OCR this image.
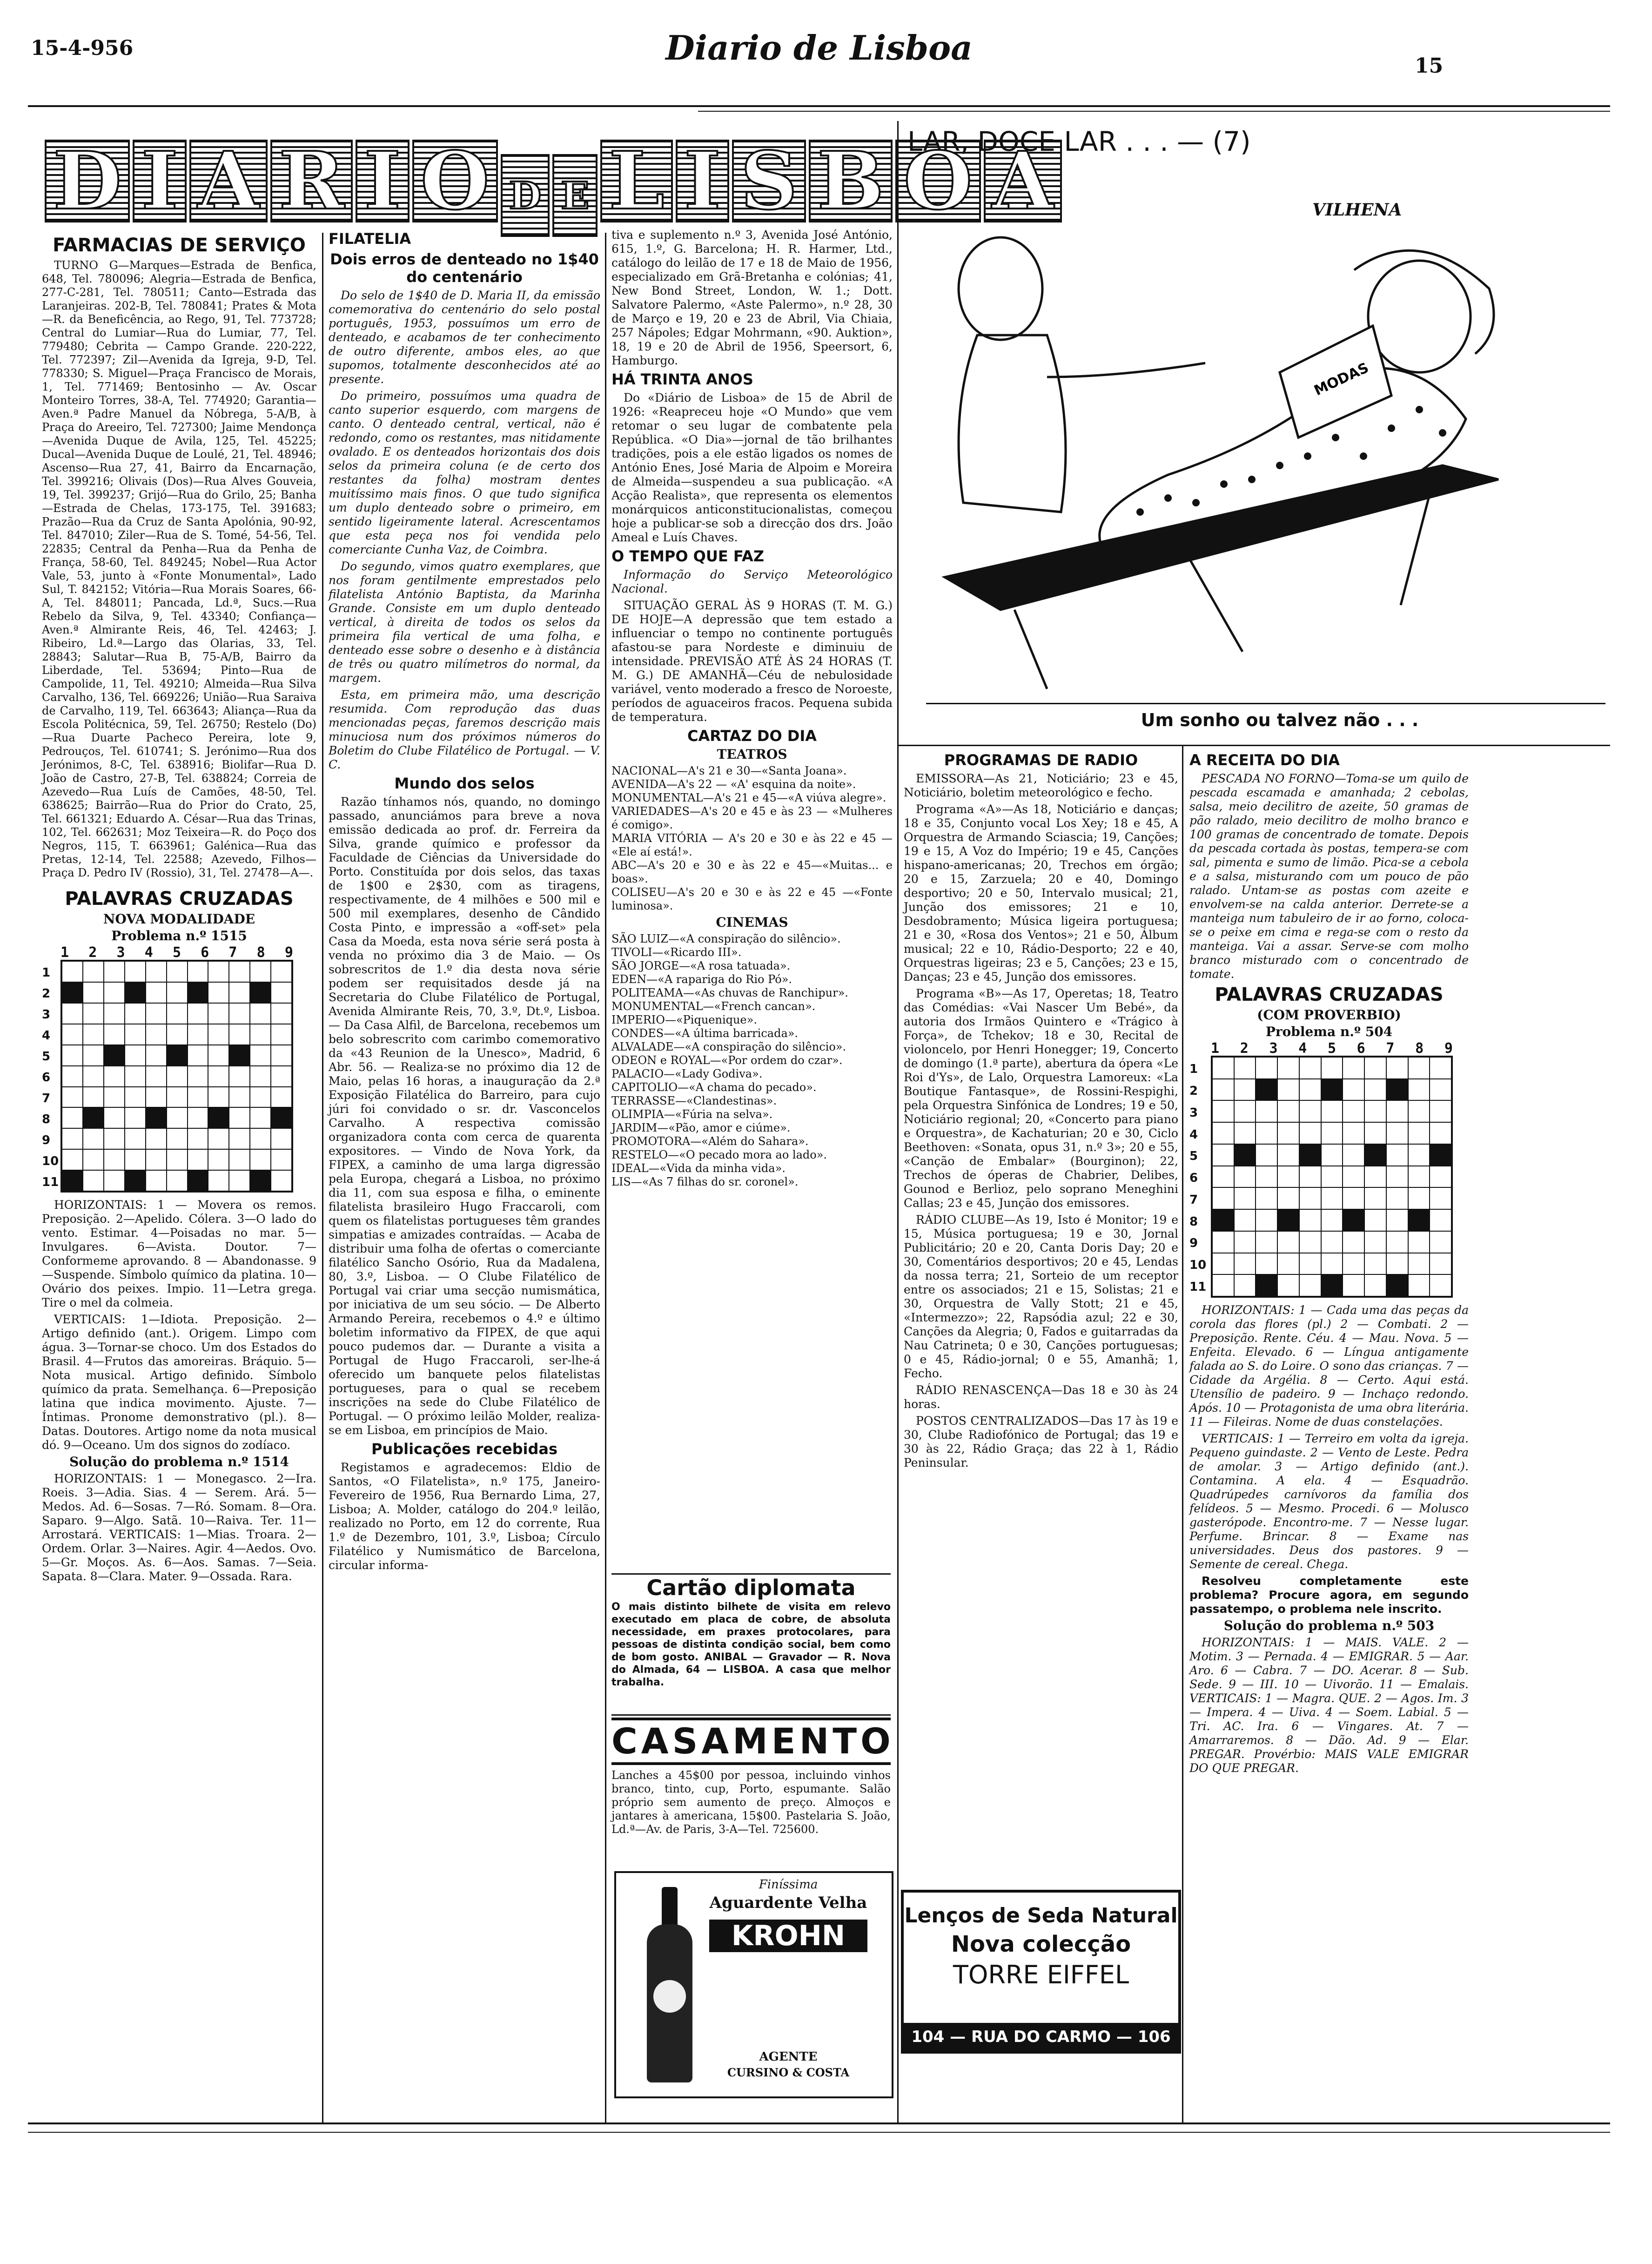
15-4-956	Diario de Lisboa	15
D I A R I O D E L I S B O A
FARMACIAS DE SERVIÇO

TURNO G—Marques—Estrada de Benfica, 648, Tel. 780096; Alegria—Estrada de Benfica, 277-C-281, Tel. 780511; Canto—Estrada das Laranjeiras. 202-B, Tel. 780841; Prates & Mota—R. da Beneficência, ao Rego, 91, Tel. 773728; Central do Lumiar—Rua do Lumiar, 77, Tel. 779480; Cebrita — Campo Grande. 220-222, Tel. 772397; Zil—Avenida da Igreja, 9-D, Tel. 778330; S. Miguel—Praça Francisco de Morais, 1, Tel. 771469; Bentosinho — Av. Oscar Monteiro Torres, 38-A, Tel. 774920; Garantia—Aven.ª Padre Manuel da Nóbrega, 5-A/B, à Praça do Areeiro, Tel. 727300; Jaime Mendonça—Avenida Duque de Avila, 125, Tel. 45225; Ducal—Avenida Duque de Loulé, 21, Tel. 48946; Ascenso—Rua 27, 41, Bairro da Encarnação, Tel. 399216; Olivais (Dos)—Rua Alves Gouveia, 19, Tel. 399237; Grijó—Rua do Grilo, 25; Banha—Estrada de Chelas, 173-175, Tel. 391683; Prazão—Rua da Cruz de Santa Apolónia, 90-92, Tel. 847010; Ziler—Rua de S. Tomé, 54-56, Tel. 22835; Central da Penha—Rua da Penha de França, 58-60, Tel. 849245; Nobel—Rua Actor Vale, 53, junto à «Fonte Monumental», Lado Sul, T. 842152; Vitória—Rua Morais Soares, 66-A, Tel. 848011; Pancada, Ld.ª, Sucs.—Rua Rebelo da Silva, 9, Tel. 43340; Confiança—Aven.ª Almirante Reis, 46, Tel. 42463; J. Ribeiro, Ld.ª—Largo das Olarias, 33, Tel. 28843; Salutar—Rua B, 75-A/B, Bairro da Liberdade, Tel. 53694; Pinto—Rua de Campolide, 11, Tel. 49210; Almeida—Rua Silva Carvalho, 136, Tel. 669226; União—Rua Saraiva de Carvalho, 119, Tel. 663643; Aliança—Rua da Escola Politécnica, 59, Tel. 26750; Restelo (Do)—Rua Duarte Pacheco Pereira, lote 9, Pedrouços, Tel. 610741; S. Jerónimo—Rua dos Jerónimos, 8-C, Tel. 638916; Biolifar—Rua D. João de Castro, 27-B, Tel. 638824; Correia de Azevedo—Rua Luís de Camões, 48-50, Tel. 638625; Bairrão—Rua do Prior do Crato, 25, Tel. 661321; Eduardo A. César—Rua das Trinas, 102, Tel. 662631; Moz Teixeira—R. do Poço dos Negros, 115, T. 663961; Galénica—Rua das Pretas, 12-14, Tel. 22588; Azevedo, Filhos—Praça D. Pedro IV (Rossio), 31, Tel. 27478—A—.

PALAVRAS CRUZADAS
NOVA MODALIDADE
Problema n.º 1515
1
2
3
4
5
6
7
8
9
10
11
1 2 3 4 5 6 7 8 9

HORIZONTAIS: 1 — Movera os remos. Preposição. 2—Apelido. Cólera. 3—O lado do vento. Estimar. 4—Poisadas no mar. 5—Invulgares. 6—Avista. Doutor. 7—Conformeme aprovando. 8 — Abandonasse. 9—Suspende. Símbolo químico da platina. 10—Ovário dos peixes. Impio. 11—Letra grega. Tire o mel da colmeia.

VERTICAIS: 1—Idiota. Preposição. 2—Artigo definido (ant.). Origem. Limpo com água. 3—Tornar-se choco. Um dos Estados do Brasil. 4—Frutos das amoreiras. Bráquio. 5—Nota musical. Artigo definido. Símbolo químico da prata. Semelhança. 6—Preposição latina que indica movimento. Ajuste. 7—Íntimas. Pronome demonstrativo (pl.). 8—Datas. Doutores. Artigo nome da nota musical dó. 9—Oceano. Um dos signos do zodíaco.

Solução do problema n.º 1514

HORIZONTAIS: 1 — Monegasco. 2—Ira. Roeis. 3—Adia. Sias. 4 — Serem. Ará. 5—Medos. Ad. 6—Sosas. 7—Ró. Somam. 8—Ora. Saparo. 9—Algo. Satã. 10—Raiva. Ter. 11—Arrostará. VERTICAIS: 1—Mias. Troara. 2—Ordem. Orlar. 3—Naires. Agir. 4—Aedos. Ovo. 5—Gr. Moços. As. 6—Aos. Samas. 7—Seia. Sapata. 8—Clara. Mater. 9—Ossada. Rara.

FILATELIA
Dois erros de denteado no 1$40 do centenário

Do selo de 1$40 de D. Maria II, da emissão comemorativa do centenário do selo postal português, 1953, possuímos um erro de denteado, e acabamos de ter conhecimento de outro diferente, ambos eles, ao que supomos, totalmente desconhecidos até ao presente.

Do primeiro, possuímos uma quadra de canto superior esquerdo, com margens de canto. O denteado central, vertical, não é redondo, como os restantes, mas nitidamente ovalado. E os denteados horizontais dos dois selos da primeira coluna (e de certo dos restantes da folha) mostram dentes muitíssimo mais finos. O que tudo significa um duplo denteado sobre o primeiro, em sentido ligeiramente lateral. Acrescentamos que esta peça nos foi vendida pelo comerciante Cunha Vaz, de Coimbra.

Do segundo, vimos quatro exemplares, que nos foram gentilmente emprestados pelo filatelista António Baptista, da Marinha Grande. Consiste em um duplo denteado vertical, à direita de todos os selos da primeira fila vertical de uma folha, e denteado esse sobre o desenho e à distância de três ou quatro milímetros do normal, da margem.

Esta, em primeira mão, uma descrição resumida. Com reprodução das duas mencionadas peças, faremos descrição mais minuciosa num dos próximos números do Boletim do Clube Filatélico de Portugal. — V. C.

Mundo dos selos

Razão tínhamos nós, quando, no domingo passado, anunciámos para breve a nova emissão dedicada ao prof. dr. Ferreira da Silva, grande químico e professor da Faculdade de Ciências da Universidade do Porto. Constituída por dois selos, das taxas de 1$00 e 2$30, com as tiragens, respectivamente, de 4 milhões e 500 mil e 500 mil exemplares, desenho de Cândido Costa Pinto, e impressão a «off-set» pela Casa da Moeda, esta nova série será posta à venda no próximo dia 3 de Maio. — Os sobrescritos de 1.º dia desta nova série podem ser requisitados desde já na Secretaria do Clube Filatélico de Portugal, Avenida Almirante Reis, 70, 3.º, Dt.º, Lisboa. — Da Casa Alfil, de Barcelona, recebemos um belo sobrescrito com carimbo comemorativo da «43 Reunion de la Unesco», Madrid, 6 Abr. 56. — Realiza-se no próximo dia 12 de Maio, pelas 16 horas, a inauguração da 2.ª Exposição Filatélica do Barreiro, para cujo júri foi convidado o sr. dr. Vasconcelos Carvalho. A respectiva comissão organizadora conta com cerca de quarenta expositores. — Vindo de Nova York, da FIPEX, a caminho de uma larga digressão pela Europa, chegará a Lisboa, no próximo dia 11, com sua esposa e filha, o eminente filatelista brasileiro Hugo Fraccaroli, com quem os filatelistas portugueses têm grandes simpatias e amizades contraídas. — Acaba de distribuir uma folha de ofertas o comerciante filatélico Sancho Osório, Rua da Madalena, 80, 3.º, Lisboa. — O Clube Filatélico de Portugal vai criar uma secção numismática, por iniciativa de um seu sócio. — De Alberto Armando Pereira, recebemos o 4.º e último boletim informativo da FIPEX, de que aqui pouco pudemos dar. — Durante a visita a Portugal de Hugo Fraccaroli, ser-lhe-á oferecido um banquete pelos filatelistas portugueses, para o qual se recebem inscrições na sede do Clube Filatélico de Portugal. — O próximo leilão Molder, realiza-se em Lisboa, em princípios de Maio.

Publicações recebidas

Registamos e agradecemos: Eldio de Santos, «O Filatelista», n.º 175, Janeiro-Fevereiro de 1956, Rua Bernardo Lima, 27, Lisboa; A. Molder, catálogo do 204.º leilão, realizado no Porto, em 12 do corrente, Rua 1.º de Dezembro, 101, 3.º, Lisboa; Círculo Filatélico y Numismático de Barcelona, circular informa-

tiva e suplemento n.º 3, Avenida José António, 615, 1.º, G. Barcelona; H. R. Harmer, Ltd., catálogo do leilão de 17 e 18 de Maio de 1956, especializado em Grã-Bretanha e colónias; 41, New Bond Street, London, W. 1.; Dott. Salvatore Palermo, «Aste Palermo», n.º 28, 30 de Março e 19, 20 e 23 de Abril, Via Chiaia, 257 Nápoles; Edgar Mohrmann, «90. Auktion», 18, 19 e 20 de Abril de 1956, Speersort, 6, Hamburgo.

HÁ TRINTA ANOS

Do «Diário de Lisboa» de 15 de Abril de 1926: «Reapreceu hoje «O Mundo» que vem retomar o seu lugar de combatente pela República. «O Dia»—jornal de tão brilhantes tradições, pois a ele estão ligados os nomes de António Enes, José Maria de Alpoim e Moreira de Almeida—suspendeu a sua publicação. «A Acção Realista», que representa os elementos monárquicos anticonstitucionalistas, começou hoje a publicar-se sob a direcção dos drs. João Ameal e Luís Chaves.

O TEMPO QUE FAZ

Informação do Serviço Meteorológico Nacional.

SITUAÇÃO GERAL ÀS 9 HORAS (T. M. G.) DE HOJE—A depressão que tem estado a influenciar o tempo no continente português afastou-se para Nordeste e diminuiu de intensidade. PREVISÃO ATÉ ÀS 24 HORAS (T. M. G.) DE AMANHÃ—Céu de nebulosidade variável, vento moderado a fresco de Noroeste, períodos de aguaceiros fracos. Pequena subida de temperatura.

CARTAZ DO DIA
TEATROS
NACIONAL—A's 21 e 30—«Santa Joana».
AVENIDA—A's 22 — «A' esquina da noite».
MONUMENTAL—A's 21 e 45—«A viúva alegre».
VARIEDADES—A's 20 e 45 e às 23 — «Mulheres é comigo».
MARIA VITÓRIA — A's 20 e 30 e às 22 e 45 — «Ele aí está!».
ABC—A's 20 e 30 e às 22 e 45—«Muitas... e boas».
COLISEU—A's 20 e 30 e às 22 e 45 —«Fonte luminosa».
CINEMAS
SÃO LUIZ—«A conspiração do silêncio».
TIVOLI—«Ricardo III».
SÃO JORGE—«A rosa tatuada».
EDEN—«A rapariga do Rio Pó».
POLITEAMA—«As chuvas de Ranchipur».
MONUMENTAL—«French cancan».
IMPERIO—«Piquenique».
CONDES—«A última barricada».
ALVALADE—«A conspiração do silêncio».
ODEON e ROYAL—«Por ordem do czar».
PALACIO—«Lady Godiva».
CAPITOLIO—«A chama do pecado».
TERRASSE—«Clandestinas».
OLIMPIA—«Fúria na selva».
JARDIM—«Pão, amor e ciúme».
PROMOTORA—«Além do Sahara».
RESTELO—«O pecado mora ao lado».
IDEAL—«Vida da minha vida».
LIS—«As 7 filhas do sr. coronel».
Cartão diplomata
O mais distinto bilhete de visita em relevo executado em placa de cobre, de absoluta necessidade, em praxes protocolares, para pessoas de distinta condição social, bem como de bom gosto. ANIBAL — Gravador — R. Nova do Almada, 64 — LISBOA. A casa que melhor trabalha.
CASAMENTO
Lanches a 45$00 por pessoa, incluindo vinhos branco, tinto, cup, Porto, espumante. Salão próprio sem aumento de preço. Almoços e jantares à americana, 15$00. Pastelaria S. João, Ld.ª—Av. de Paris, 3-A—Tel. 725600.
Finíssima
Aguardente Velha
KROHN
AGENTE
CURSINO & COSTA
LAR, DOCE LAR . . . — (7)
VILHENA
MODAS
Um sonho ou talvez não . . .
PROGRAMAS DE RADIO

EMISSORA—As 21, Noticiário; 23 e 45, Noticiário, boletim meteorológico e fecho.

Programa «A»—As 18, Noticiário e danças; 18 e 35, Conjunto vocal Los Xey; 18 e 45, A Orquestra de Armando Sciascia; 19, Canções; 19 e 15, A Voz do Império; 19 e 45, Canções hispano-americanas; 20, Trechos em órgão; 20 e 15, Zarzuela; 20 e 40, Domingo desportivo; 20 e 50, Intervalo musical; 21, Junção dos emissores; 21 e 10, Desdobramento; Música ligeira portuguesa; 21 e 30, «Rosa dos Ventos»; 21 e 50, Álbum musical; 22 e 10, Rádio-Desporto; 22 e 40, Orquestras ligeiras; 23 e 5, Canções; 23 e 15, Danças; 23 e 45, Junção dos emissores.

Programa «B»—As 17, Operetas; 18, Teatro das Comédias: «Vai Nascer Um Bebé», da autoria dos Irmãos Quintero e «Trágico à Força», de Tchekov; 18 e 30, Recital de violoncelo, por Henri Honegger; 19, Concerto de domingo (1.ª parte), abertura da ópera «Le Roi d'Ys», de Lalo, Orquestra Lamoreux: «La Boutique Fantasque», de Rossini-Respighi, pela Orquestra Sinfónica de Londres; 19 e 50, Noticiário regional; 20, «Concerto para piano e Orquestra», de Kachaturian; 20 e 30, Ciclo Beethoven: «Sonata, opus 31, n.º 3»; 20 e 55, «Canção de Embalar» (Bourginon); 22, Trechos de óperas de Chabrier, Delibes, Gounod e Berlioz, pelo soprano Meneghini Callas; 23 e 45, Junção dos emissores.

RÁDIO CLUBE—As 19, Isto é Monitor; 19 e 15, Música portuguesa; 19 e 30, Jornal Publicitário; 20 e 20, Canta Doris Day; 20 e 30, Comentários desportivos; 20 e 45, Lendas da nossa terra; 21, Sorteio de um receptor entre os associados; 21 e 15, Solistas; 21 e 30, Orquestra de Vally Stott; 21 e 45, «Intermezzo»; 22, Rapsódia azul; 22 e 30, Canções da Alegria; 0, Fados e guitarradas da Nau Catrineta; 0 e 30, Canções portuguesas; 0 e 45, Rádio-jornal; 0 e 55, Amanhã; 1, Fecho.

RÁDIO RENASCENÇA—Das 18 e 30 às 24 horas.

POSTOS CENTRALIZADOS—Das 17 às 19 e 30, Clube Radiofónico de Portugal; das 19 e 30 às 22, Rádio Graça; das 22 à 1, Rádio Peninsular.

Lenços de Seda Natural
Nova colecção
TORRE EIFFEL
104 — RUA DO CARMO — 106
A RECEITA DO DIA

PESCADA NO FORNO—Toma-se um quilo de pescada escamada e amanhada; 2 cebolas, salsa, meio decilitro de azeite, 50 gramas de pão ralado, meio decilitro de molho branco e 100 gramas de concentrado de tomate. Depois da pescada cortada às postas, tempera-se com sal, pimenta e sumo de limão. Pica-se a cebola e a salsa, misturando com um pouco de pão ralado. Untam-se as postas com azeite e envolvem-se na calda anterior. Derrete-se a manteiga num tabuleiro de ir ao forno, coloca-se o peixe em cima e rega-se com o resto da manteiga. Vai a assar. Serve-se com molho branco misturado com o concentrado de tomate.

PALAVRAS CRUZADAS
(COM PROVERBIO)
Problema n.º 504
1
2
3
4
5
6
7
8
9
10
11
1 2 3 4 5 6 7 8 9

HORIZONTAIS: 1 — Cada uma das peças da corola das flores (pl.) 2 — Combati. 2 — Preposição. Rente. Céu. 4 — Mau. Nova. 5 — Enfeita. Elevado. 6 — Língua antigamente falada ao S. do Loire. O sono das crianças. 7 — Cidade da Argélia. 8 — Certo. Aqui está. Utensílio de padeiro. 9 — Inchaço redondo. Após. 10 — Protagonista de uma obra literária. 11 — Fileiras. Nome de duas constelações.

VERTICAIS: 1 — Terreiro em volta da igreja. Pequeno guindaste. 2 — Vento de Leste. Pedra de amolar. 3 — Artigo definido (ant.). Contamina. A ela. 4 — Esquadrão. Quadrúpedes carnívoros da família dos felídeos. 5 — Mesmo. Procedi. 6 — Molusco gasterópode. Encontro-me. 7 — Nesse lugar. Perfume. Brincar. 8 — Exame nas universidades. Deus dos pastores. 9 — Semente de cereal. Chega.

Resolveu completamente este problema? Procure agora, em segundo passatempo, o problema nele inscrito.

Solução do problema n.º 503

HORIZONTAIS: 1 — MAIS. VALE. 2 — Motim. 3 — Pernada. 4 — EMIGRAR. 5 — Aar. Aro. 6 — Cabra. 7 — DO. Acerar. 8 — Sub. Sede. 9 — III. 10 — Uivorão. 11 — Emalais. VERTICAIS: 1 — Magra. QUE. 2 — Agos. Im. 3 — Impera. 4 — Uiva. 4 — Soem. Labial. 5 — Tri. AC. Ira. 6 — Vingares. At. 7 — Amarraremos. 8 — Dão. Ad. 9 — Elar. PREGAR. Provérbio: MAIS VALE EMIGRAR DO QUE PREGAR.
